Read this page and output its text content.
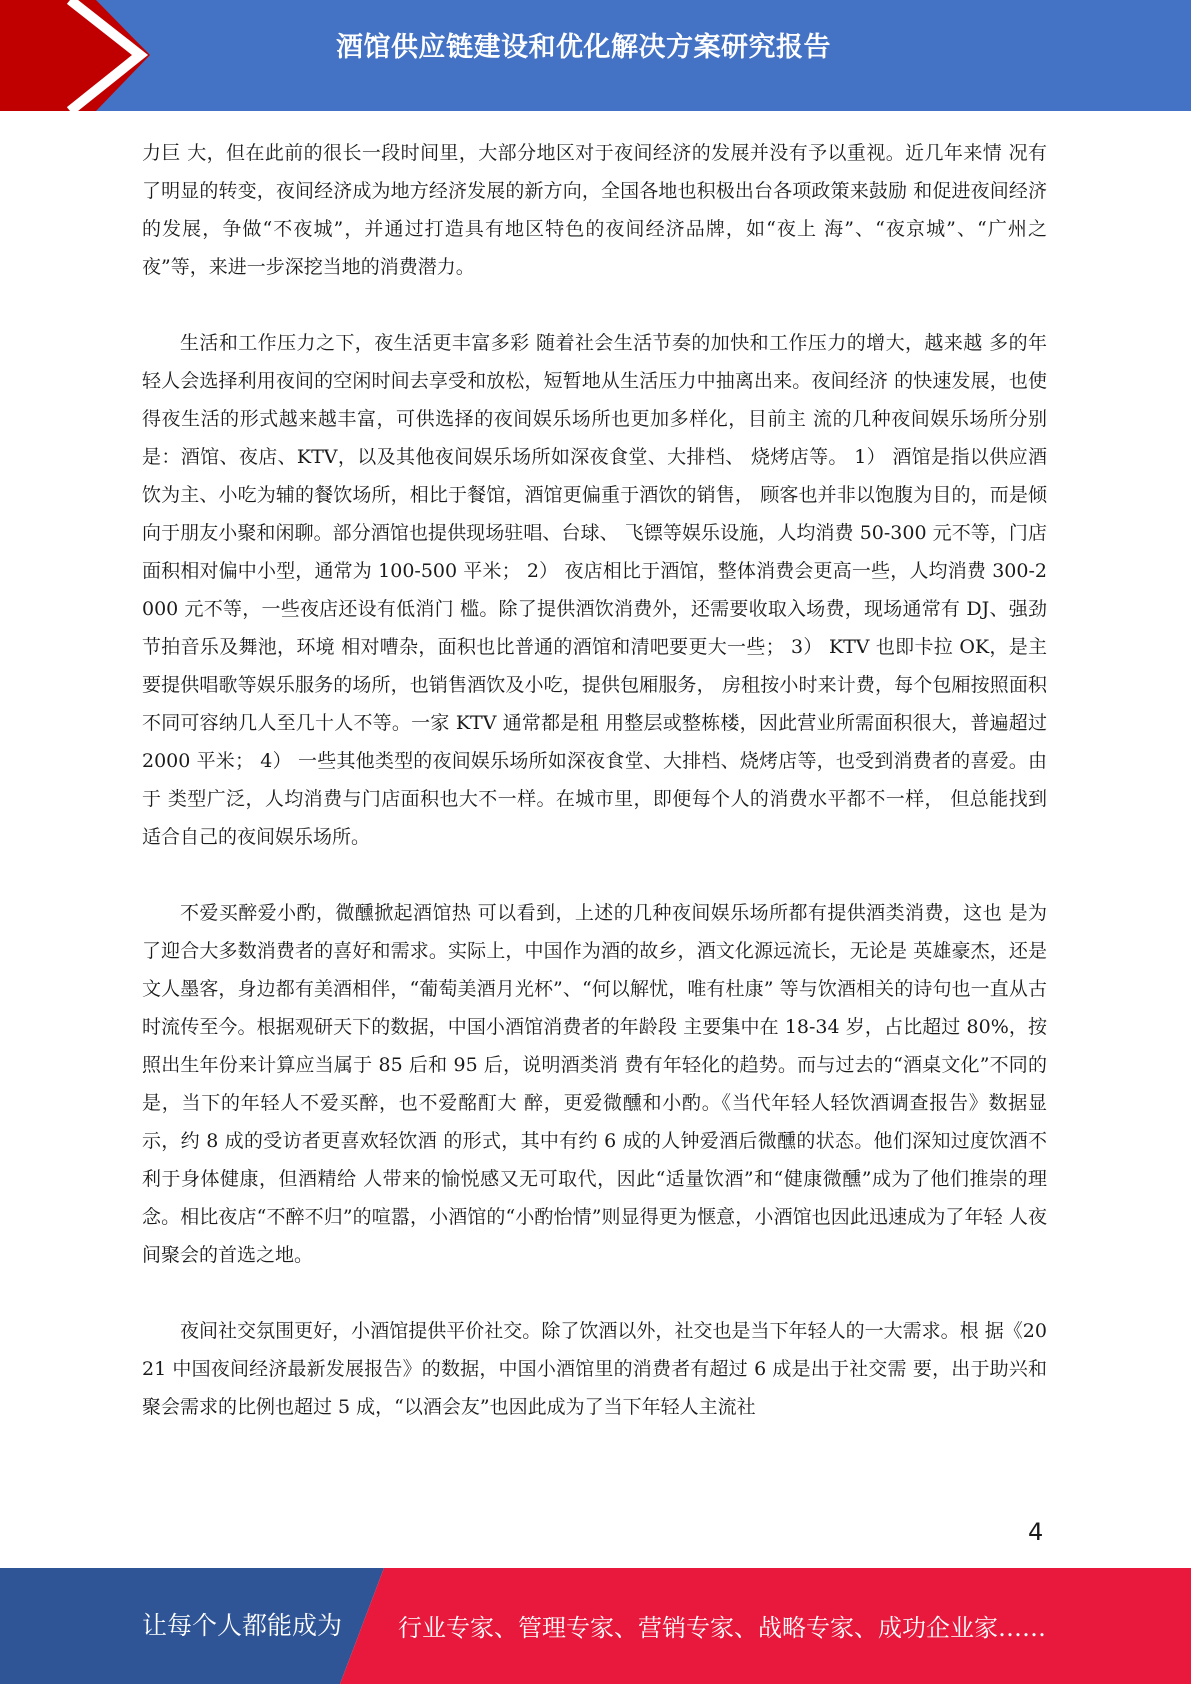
酒馆供应链建设和优化解决方案研究报告

力巨 大，但在此前的很长一段时间里，大部分地区对于夜间经济的发展并没有予以重视。近几年来情 况有了明显的转变，夜间经济成为地方经济发展的新方向，全国各地也积极出台各项政策来鼓励 和促进夜间经济的发展，争做“不夜城”，并通过打造具有地区特色的夜间经济品牌，如“夜上 海”、“夜京城”、“广州之夜”等，来进一步深挖当地的消费潜力。

生活和工作压力之下，夜生活更丰富多彩 随着社会生活节奏的加快和工作压力的增大，越来越 多的年轻人会选择利用夜间的空闲时间去享受和放松，短暂地从生活压力中抽离出来。夜间经济 的快速发展，也使得夜生活的形式越来越丰富，可供选择的夜间娱乐场所也更加多样化，目前主 流的几种夜间娱乐场所分别是：酒馆、夜店、KTV，以及其他夜间娱乐场所如深夜食堂、大排档、 烧烤店等。 1） 酒馆是指以供应酒饮为主、小吃为辅的餐饮场所，相比于餐馆，酒馆更偏重于酒饮的销售， 顾客也并非以饱腹为目的，而是倾向于朋友小聚和闲聊。部分酒馆也提供现场驻唱、台球、 飞镖等娱乐设施，人均消费 50-300 元不等，门店面积相对偏中小型，通常为 100-500 平米； 2） 夜店相比于酒馆，整体消费会更高一些，人均消费 300-2000 元不等，一些夜店还设有低消门 槛。除了提供酒饮消费外，还需要收取入场费，现场通常有 DJ、强劲节拍音乐及舞池，环境 相对嘈杂，面积也比普通的酒馆和清吧要更大一些； 3） KTV 也即卡拉 OK，是主要提供唱歌等娱乐服务的场所，也销售酒饮及小吃，提供包厢服务， 房租按小时来计费，每个包厢按照面积不同可容纳几人至几十人不等。一家 KTV 通常都是租 用整层或整栋楼，因此营业所需面积很大，普遍超过 2000 平米； 4） 一些其他类型的夜间娱乐场所如深夜食堂、大排档、烧烤店等，也受到消费者的喜爱。由于 类型广泛，人均消费与门店面积也大不一样。在城市里，即便每个人的消费水平都不一样， 但总能找到适合自己的夜间娱乐场所。

不爱买醉爱小酌，微醺掀起酒馆热 可以看到，上述的几种夜间娱乐场所都有提供酒类消费，这也 是为了迎合大多数消费者的喜好和需求。实际上，中国作为酒的故乡，酒文化源远流长，无论是 英雄豪杰，还是文人墨客，身边都有美酒相伴，“葡萄美酒月光杯”、“何以解忧，唯有杜康” 等与饮酒相关的诗句也一直从古时流传至今。根据观研天下的数据，中国小酒馆消费者的年龄段 主要集中在 18-34 岁，占比超过 80%，按照出生年份来计算应当属于 85 后和 95 后，说明酒类消 费有年轻化的趋势。而与过去的“酒桌文化”不同的是，当下的年轻人不爱买醉，也不爱酩酊大 醉，更爱微醺和小酌。《当代年轻人轻饮酒调查报告》数据显示，约 8 成的受访者更喜欢轻饮酒 的形式，其中有约 6 成的人钟爱酒后微醺的状态。他们深知过度饮酒不利于身体健康，但酒精给 人带来的愉悦感又无可取代，因此“适量饮酒”和“健康微醺”成为了他们推崇的理念。相比夜店“不醉不归”的喧嚣，小酒馆的“小酌怡情”则显得更为惬意，小酒馆也因此迅速成为了年轻 人夜间聚会的首选之地。

夜间社交氛围更好，小酒馆提供平价社交。除了饮酒以外，社交也是当下年轻人的一大需求。根 据《2021 中国夜间经济最新发展报告》的数据，中国小酒馆里的消费者有超过 6 成是出于社交需 要，出于助兴和聚会需求的比例也超过 5 成，“以酒会友”也因此成为了当下年轻人主流社

4
让每个人都能成为 行业专家、管理专家、营销专家、战略专家、成功企业家……
